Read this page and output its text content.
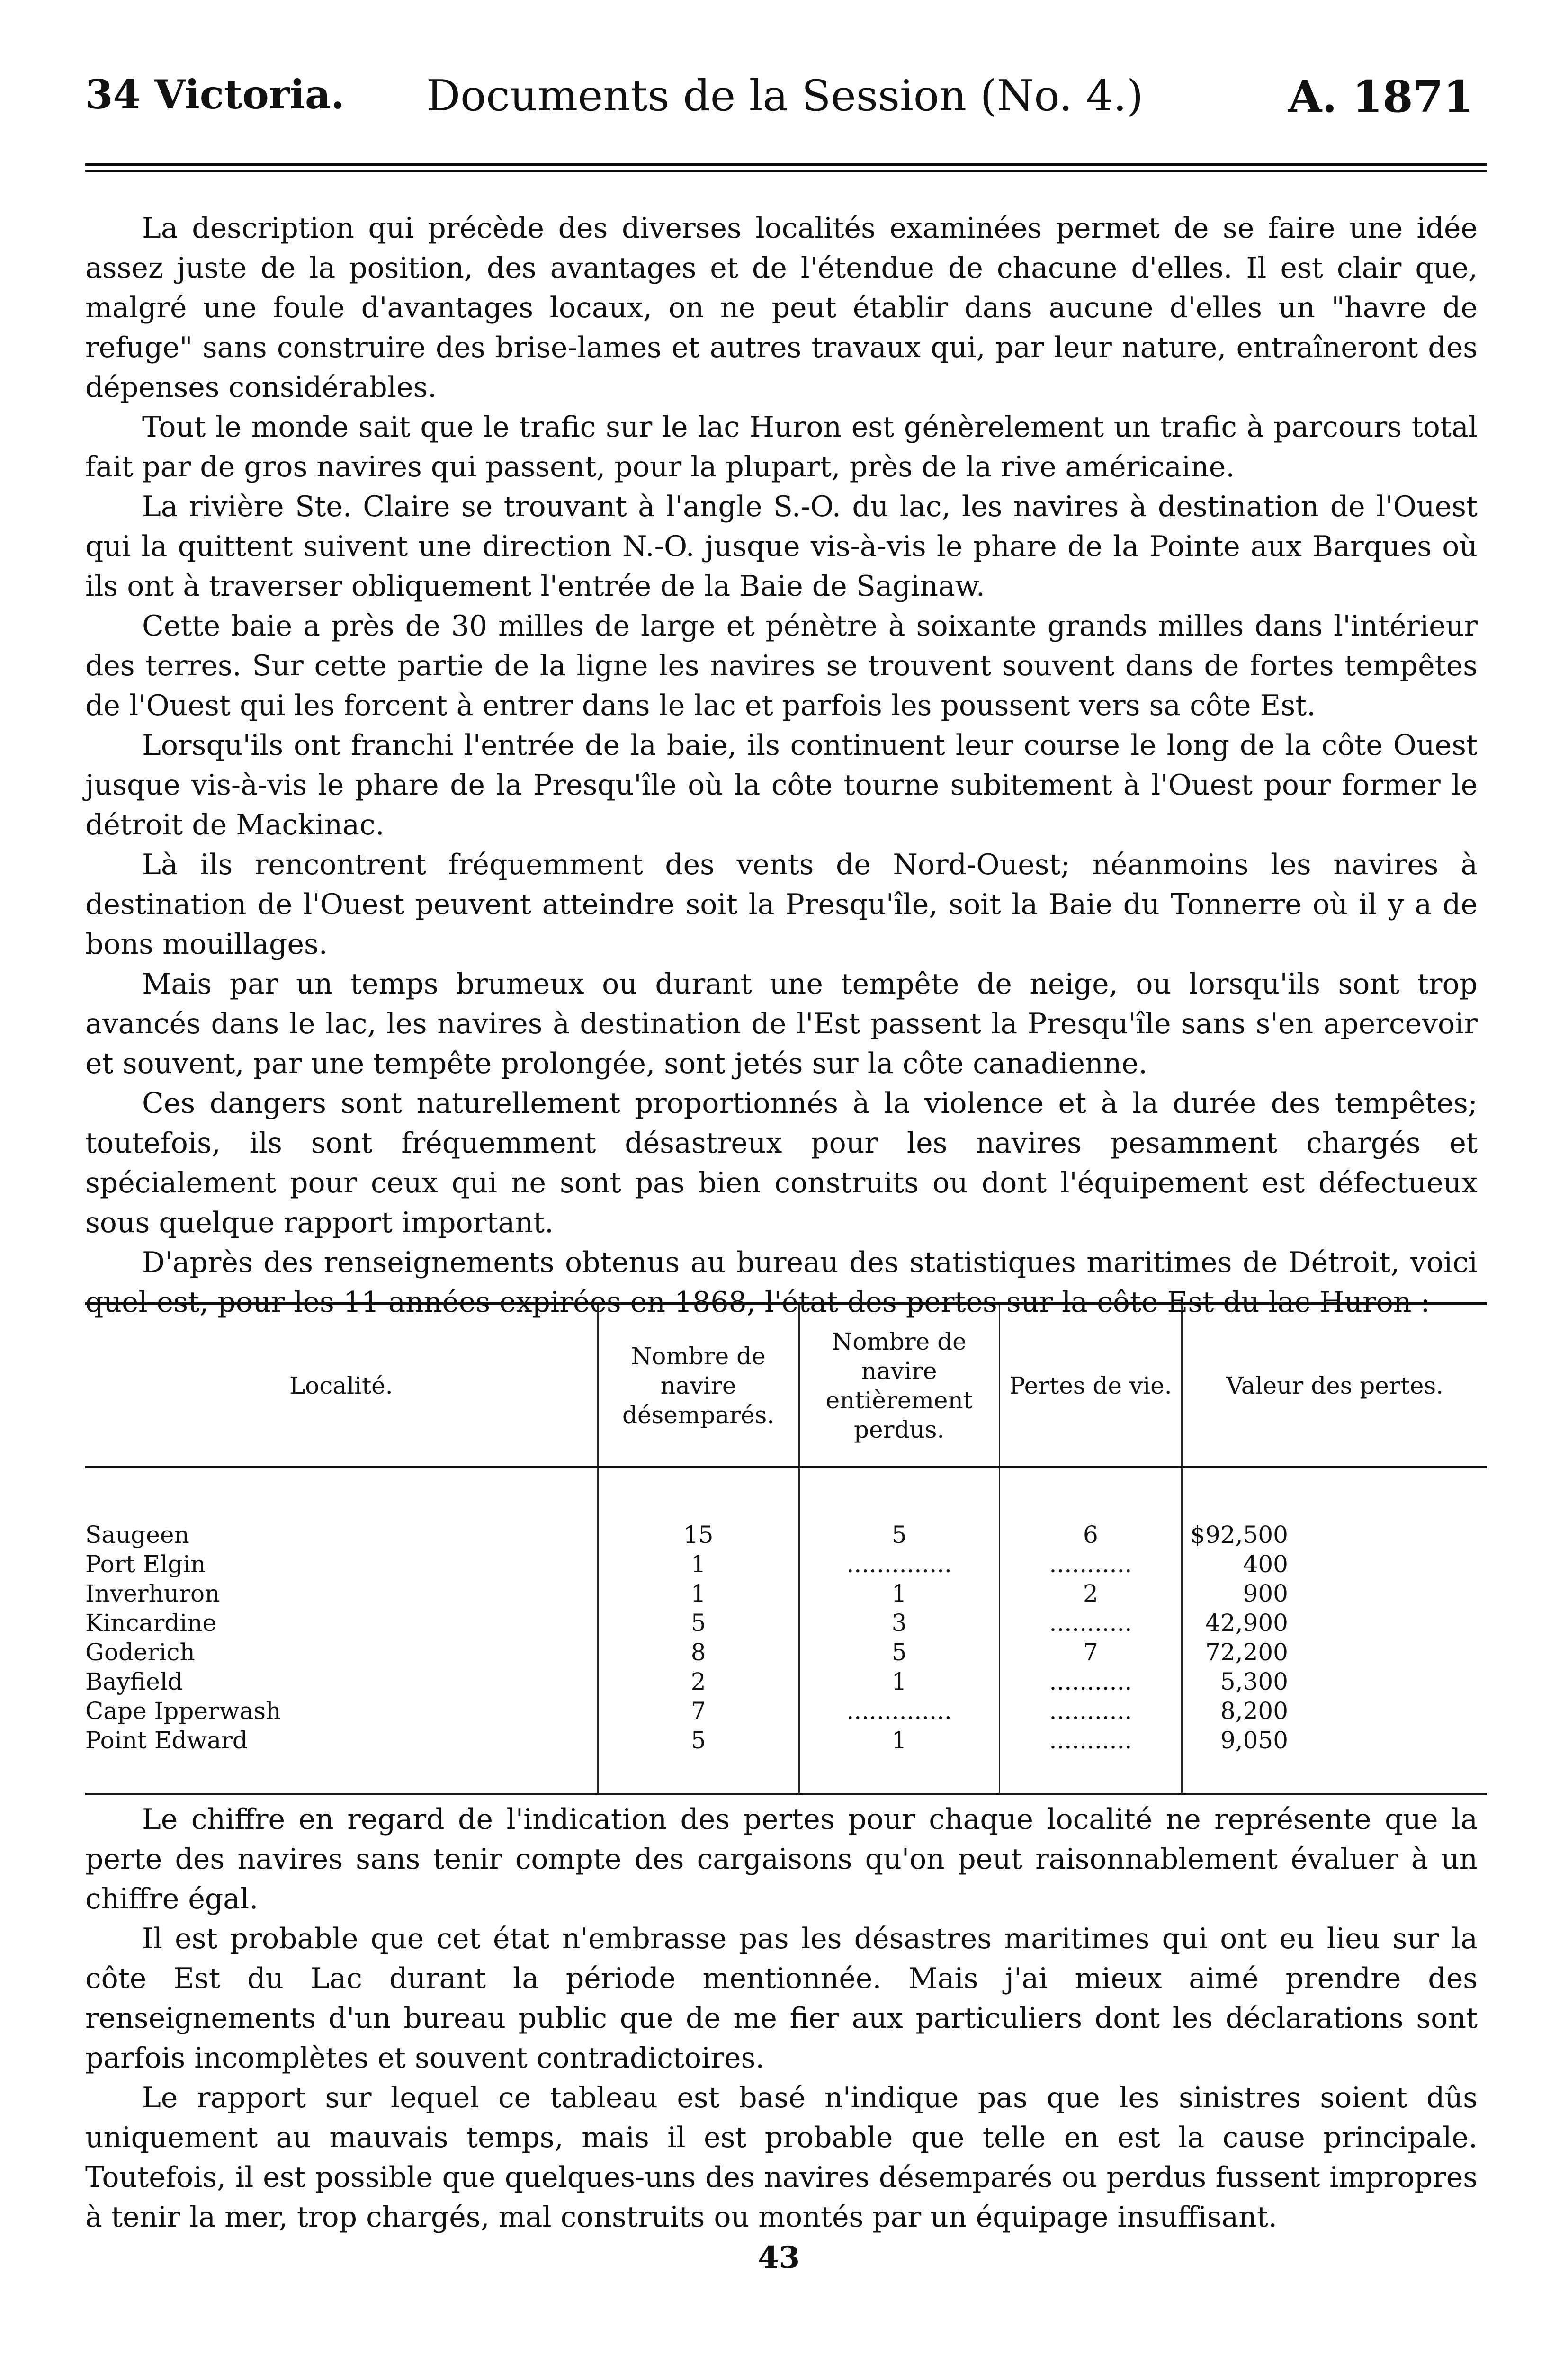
34 Victoria. Documents de la Session (No. 4.)	A. 1871

La description qui précède des diverses localités examinées permet de se faire une idée assez juste de la position, des avantages et de l'étendue de chacune d'elles. Il est clair que, malgré une foule d'avantages locaux, on ne peut établir dans aucune d'elles un "havre de refuge" sans construire des brise-lames et autres travaux qui, par leur nature, entraîneront des dépenses considérables.

Tout le monde sait que le trafic sur le lac Huron est génèrelement un trafic à parcours total fait par de gros navires qui passent, pour la plupart, près de la rive américaine.

La rivière Ste. Claire se trouvant à l'angle S.-O. du lac, les navires à destination de l'Ouest qui la quittent suivent une direction N.-O. jusque vis-à-vis le phare de la Pointe aux Barques où ils ont à traverser obliquement l'entrée de la Baie de Saginaw.

Cette baie a près de 30 milles de large et pénètre à soixante grands milles dans l'intérieur des terres. Sur cette partie de la ligne les navires se trouvent souvent dans de fortes tempêtes de l'Ouest qui les forcent à entrer dans le lac et parfois les poussent vers sa côte Est.

Lorsqu'ils ont franchi l'entrée de la baie, ils continuent leur course le long de la côte Ouest jusque vis-à-vis le phare de la Presqu'île où la côte tourne subitement à l'Ouest pour former le détroit de Mackinac.

Là ils rencontrent fréquemment des vents de Nord-Ouest; néanmoins les navires à destination de l'Ouest peuvent atteindre soit la Presqu'île, soit la Baie du Tonnerre où il y a de bons mouillages.

Mais par un temps brumeux ou durant une tempête de neige, ou lorsqu'ils sont trop avancés dans le lac, les navires à destination de l'Est passent la Presqu'île sans s'en apercevoir et souvent, par une tempête prolongée, sont jetés sur la côte canadienne.

Ces dangers sont naturellement proportionnés à la violence et à la durée des tempêtes; toutefois, ils sont fréquemment désastreux pour les navires pesamment chargés et spécialement pour ceux qui ne sont pas bien construits ou dont l'équipement est défectueux sous quelque rapport important.

D'après des renseignements obtenus au bureau des statistiques maritimes de Détroit, voici quel est, pour les 11 années expirées en 1868, l'état des pertes sur la côte Est du lac Huron :—

Localité.	Nombre de navire désemparés.	Nombre de navire entièrement perdus.	Pertes de vie.	Valeur des pertes.
Saugeen	15	5	6	$92,500
Port Elgin	1	..............	...........	400
Inverhuron	1	1	2	900
Kincardine	5	3	...........	42,900
Goderich	8	5	7	72,200
Bayfield	2	1	...........	5,300
Cape Ipperwash	7	..............	...........	8,200
Point Edward	5	1	...........	9,050

Le chiffre en regard de l'indication des pertes pour chaque localité ne représente que la perte des navires sans tenir compte des cargaisons qu'on peut raisonnablement évaluer à un chiffre égal.

Il est probable que cet état n'embrasse pas les désastres maritimes qui ont eu lieu sur la côte Est du Lac durant la période mentionnée. Mais j'ai mieux aimé prendre des renseignements d'un bureau public que de me fier aux particuliers dont les déclarations sont parfois incomplètes et souvent contradictoires.

Le rapport sur lequel ce tableau est basé n'indique pas que les sinistres soient dûs uniquement au mauvais temps, mais il est probable que telle en est la cause principale. Toutefois, il est possible que quelques-uns des navires désemparés ou perdus fussent impropres à tenir la mer, trop chargés, mal construits ou montés par un équipage insuffisant.

43
